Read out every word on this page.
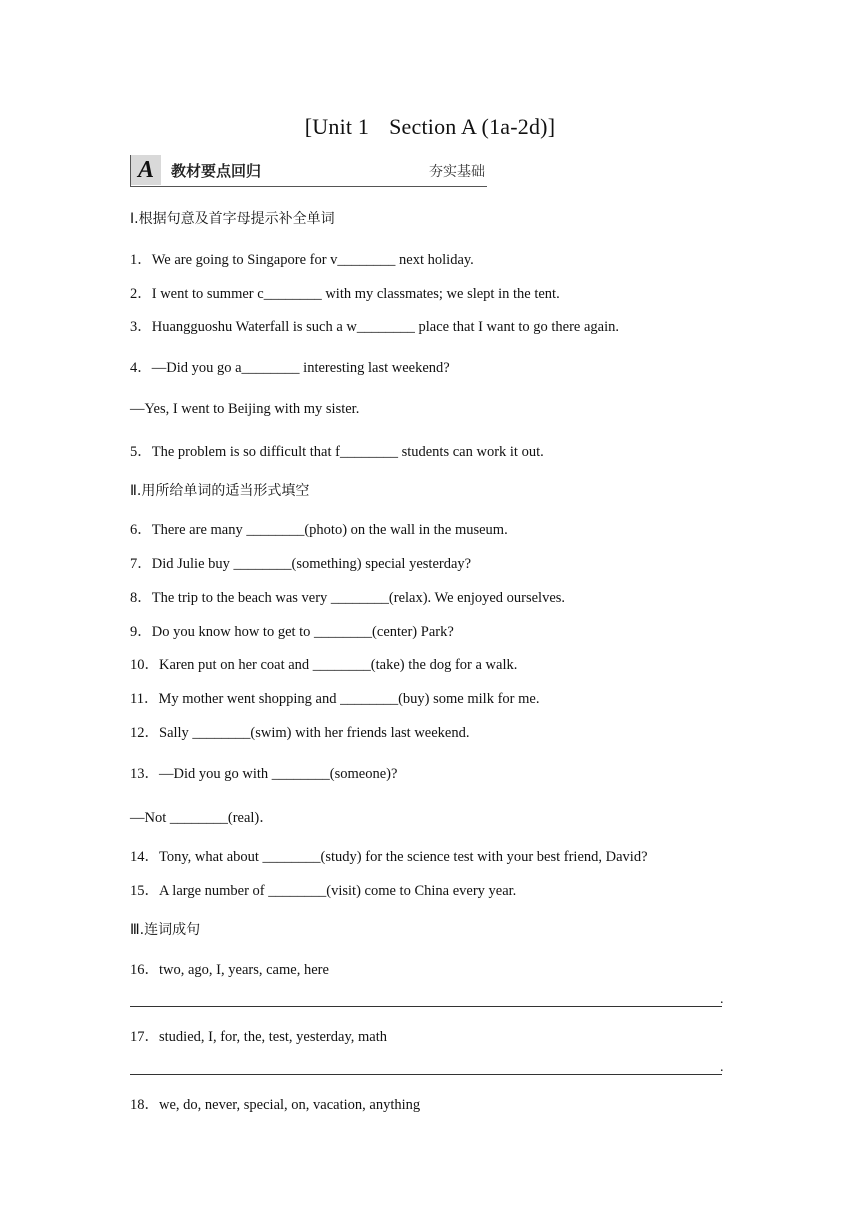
[Unit 1 Section A (1a-2d)]
A	教材要点回归	夯实基础
Ⅰ.根据句意及首字母提示补全单词
1．We are going to Singapore for v________ next holiday.
2．I went to summer c________ with my classmates; we slept in the tent.
3．Huangguoshu Waterfall is such a w________ place that I want to go there again.
4．—Did you go a________ interesting last weekend?
—Yes, I went to Beijing with my sister.
5．The problem is so difficult that f________ students can work it out.
Ⅱ.用所给单词的适当形式填空
6．There are many ________(photo) on the wall in the museum.
7．Did Julie buy ________(something) special yesterday?
8．The trip to the beach was very ________(relax). We enjoyed ourselves.
9．Do you know how to get to ________(center) Park?
10．Karen put on her coat and ________(take) the dog for a walk.
11．My mother went shopping and ________(buy) some milk for me.
12．Sally ________(swim) with her friends last weekend.
13．—Did you go with ________(someone)?
—Not ________(real)．
14．Tony, what about ________(study) for the science test with your best friend, David?
15．A large number of ________(visit) come to China every year.
Ⅲ.连词成句
16．two, ago, I, years, came, here
.
17．studied, I, for, the, test, yesterday, math
.
18．we, do, never, special, on, vacation, anything
